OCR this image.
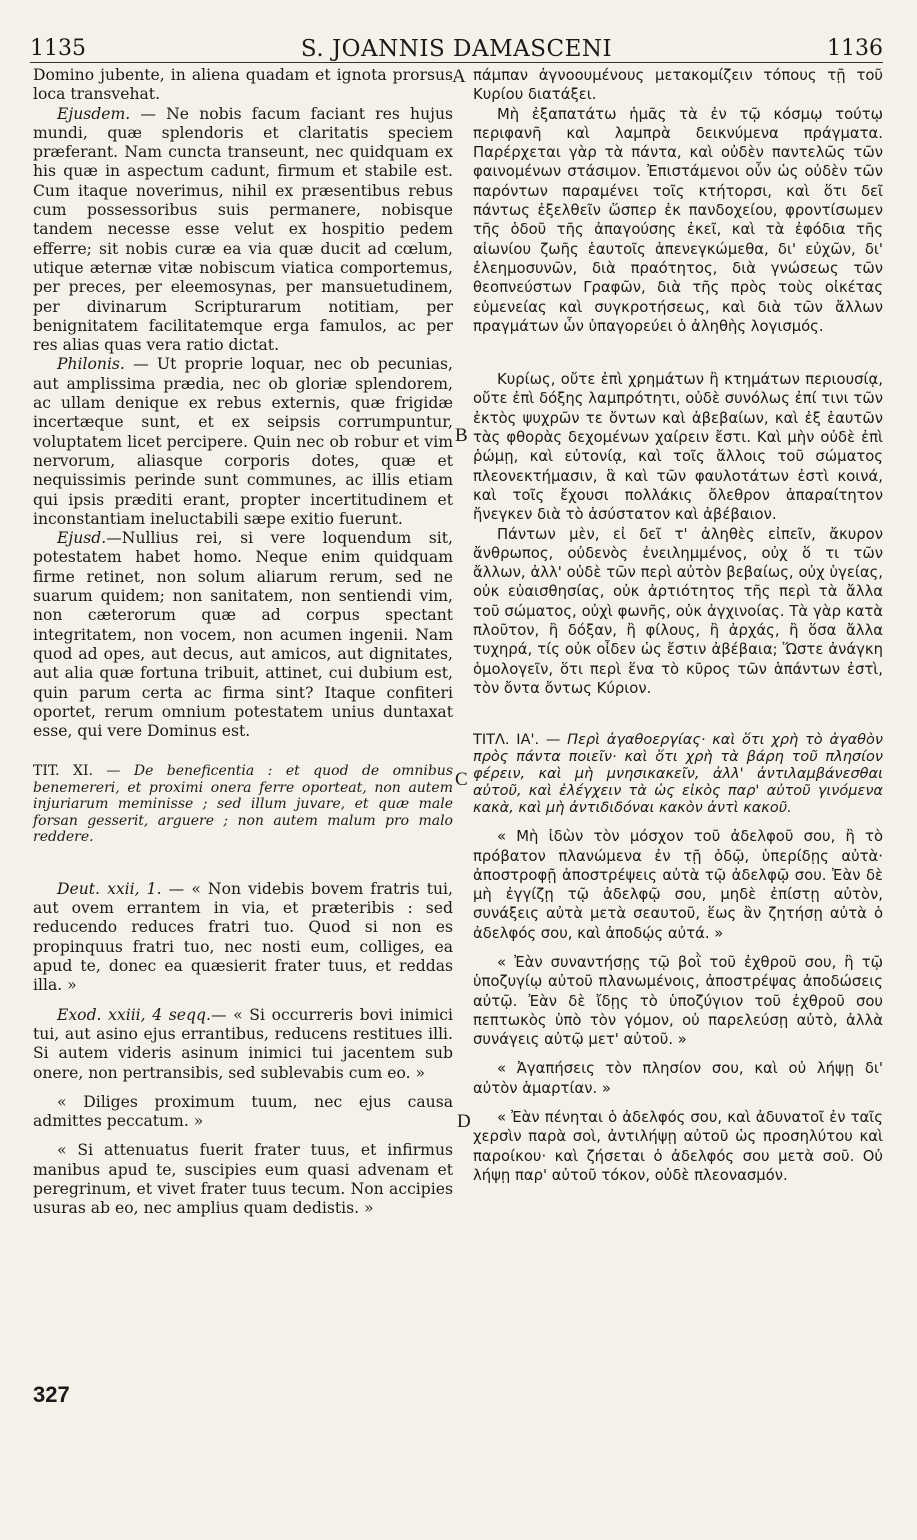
1135	S. JOANNIS DAMASCENI	1136

Domino jubente, in aliena quadam et ignota prorsus loca transvehat.

Ejusdem. — Ne nobis facum faciant res hujus mundi, quæ splendoris et claritatis speciem præferant. Nam cuncta transeunt, nec quidquam ex his quæ in aspectum cadunt, firmum et stabile est. Cum itaque noverimus, nihil ex præsentibus rebus cum possessoribus suis permanere, nobisque tandem necesse esse velut ex hospitio pedem efferre; sit nobis curæ ea via quæ ducit ad cœlum, utique æternæ vitæ nobiscum viatica comportemus, per preces, per eleemosynas, per mansuetudinem, per divinarum Scripturarum notitiam, per benignitatem facilitatemque erga famulos, ac per res alias quas vera ratio dictat.

Philonis. — Ut proprie loquar, nec ob pecunias, aut amplissima prædia, nec ob gloriæ splendorem, ac ullam denique ex rebus externis, quæ frigidæ incertæque sunt, et ex seipsis corrumpuntur, voluptatem licet percipere. Quin nec ob robur et vim nervorum, aliasque corporis dotes, quæ et nequissimis perinde sunt communes, ac illis etiam qui ipsis præditi erant, propter incertitudinem et inconstantiam ineluctabili sæpe exitio fuerunt.

Ejusd.—Nullius rei, si vere loquendum sit, potestatem habet homo. Neque enim quidquam firme retinet, non solum aliarum rerum, sed ne suarum quidem; non sanitatem, non sentiendi vim, non cæterorum quæ ad corpus spectant integritatem, non vocem, non acumen ingenii. Nam quod ad opes, aut decus, aut amicos, aut dignitates, aut alia quæ fortuna tribuit, attinet, cui dubium est, quin parum certa ac firma sint? Itaque confiteri oportet, rerum omnium potestatem unius duntaxat esse, qui vere Dominus est.

TIT. XI. — De beneficentia : et quod de omnibus benemereri, et proximi onera ferre oporteat, non autem injuriarum meminisse ; sed illum juvare, et quæ male forsan gesserit, arguere ; non autem malum pro malo reddere.

Deut. xxii, 1. — « Non videbis bovem fratris tui, aut ovem errantem in via, et præteribis : sed reducendo reduces fratri tuo. Quod si non es propinquus fratri tuo, nec nosti eum, colliges, ea apud te, donec ea quæsierit frater tuus, et reddas illa. »

Exod. xxiii, 4 seqq.— « Si occurreris bovi inimici tui, aut asino ejus errantibus, reducens restitues illi. Si autem videris asinum inimici tui jacentem sub onere, non pertransibis, sed sublevabis cum eo. »

« Diliges proximum tuum, nec ejus causa admittes peccatum. »

« Si attenuatus fuerit frater tuus, et infirmus manibus apud te, suscipies eum quasi advenam et peregrinum, et vivet frater tuus tecum. Non accipies usuras ab eo, nec amplius quam dedistis. »

πάμπαν ἀγνοουμένους μετακομίζειν τόπους τῇ τοῦ Κυρίου διατάξει.

Μὴ ἐξαπατάτω ἡμᾶς τὰ ἐν τῷ κόσμῳ τούτῳ περιφανῆ καὶ λαμπρὰ δεικνύμενα πράγματα. Παρέρχεται γὰρ τὰ πάντα, καὶ οὐδὲν παντελῶς τῶν φαινομένων στάσιμον. Ἐπιστάμενοι οὖν ὡς οὐδὲν τῶν παρόντων παραμένει τοῖς κτήτορσι, καὶ ὅτι δεῖ πάντως ἐξελθεῖν ὥσπερ ἐκ πανδοχείου, φροντίσωμεν τῆς ὁδοῦ τῆς ἀπαγούσης ἐκεῖ, καὶ τὰ ἐφόδια τῆς αἰωνίου ζωῆς ἑαυτοῖς ἀπενεγκώμεθα, δι' εὐχῶν, δι' ἐλεημοσυνῶν, διὰ πραότητος, διὰ γνώσεως τῶν θεοπνεύστων Γραφῶν, διὰ τῆς πρὸς τοὺς οἰκέτας εὐμενείας καὶ συγκροτήσεως, καὶ διὰ τῶν ἄλλων πραγμάτων ὧν ὑπαγορεύει ὁ ἀληθὴς λογισμός.

Κυρίως, οὔτε ἐπὶ χρημάτων ἢ κτημάτων περιουσίᾳ, οὔτε ἐπὶ δόξης λαμπρότητι, οὐδὲ συνόλως ἐπί τινι τῶν ἐκτὸς ψυχρῶν τε ὄντων καὶ ἀβεβαίων, καὶ ἐξ ἑαυτῶν τὰς φθορὰς δεχομένων χαίρειν ἔστι. Καὶ μὴν οὐδὲ ἐπὶ ῥώμῃ, καὶ εὐτονίᾳ, καὶ τοῖς ἄλλοις τοῦ σώματος πλεονεκτήμασιν, ἃ καὶ τῶν φαυλοτάτων ἐστὶ κοινά, καὶ τοῖς ἔχουσι πολλάκις ὄλεθρον ἀπαραίτητον ἤνεγκεν διὰ τὸ ἀσύστατον καὶ ἀβέβαιον.

Πάντων μὲν, εἰ δεῖ τ' ἀληθὲς εἰπεῖν, ἄκυρον ἄνθρωπος, οὐδενὸς ἐνειλημμένος, οὐχ ὅ τι τῶν ἄλλων, ἀλλ' οὐδὲ τῶν περὶ αὐτὸν βεβαίως, οὐχ ὑγείας, οὐκ εὐαισθησίας, οὐκ ἀρτιότητος τῆς περὶ τὰ ἄλλα τοῦ σώματος, οὐχὶ φωνῆς, οὐκ ἀγχινοίας. Τὰ γὰρ κατὰ πλοῦτον, ἢ δόξαν, ἢ φίλους, ἢ ἀρχάς, ἢ ὅσα ἄλλα τυχηρά, τίς οὐκ οἶδεν ὡς ἔστιν ἀβέβαια; Ὥστε ἀνάγκη ὁμολογεῖν, ὅτι περὶ ἕνα τὸ κῦρος τῶν ἁπάντων ἐστὶ, τὸν ὄντα ὄντως Κύριον.

ΤΙΤΛ. ΙΑ'. — Περὶ ἀγαθοεργίας· καὶ ὅτι χρὴ τὸ ἀγαθὸν πρὸς πάντα ποιεῖν· καὶ ὅτι χρὴ τὰ βάρη τοῦ πλησίον φέρειν, καὶ μὴ μνησικακεῖν, ἀλλ' ἀντιλαμβάνεσθαι αὐτοῦ, καὶ ἐλέγχειν τὰ ὡς εἰκὸς παρ' αὐτοῦ γινόμενα κακὰ, καὶ μὴ ἀντιδιδόναι κακὸν ἀντὶ κακοῦ.

« Μὴ ἰδὼν τὸν μόσχον τοῦ ἀδελφοῦ σου, ἢ τὸ πρόβατον πλανώμενα ἐν τῇ ὁδῷ, ὑπερίδῃς αὐτὰ· ἀποστροφῇ ἀποστρέψεις αὐτὰ τῷ ἀδελφῷ σου. Ἐὰν δὲ μὴ ἐγγίζῃ τῷ ἀδελφῷ σου, μηδὲ ἐπίστῃ αὐτὸν, συνάξεις αὐτὰ μετὰ σεαυτοῦ, ἕως ἂν ζητήσῃ αὐτὰ ὁ ἀδελφός σου, καὶ ἀποδῴς αὐτά. »

« Ἐὰν συναντήσῃς τῷ βοῒ τοῦ ἐχθροῦ σου, ἢ τῷ ὑποζυγίῳ αὐτοῦ πλανωμένοις, ἀποστρέψας ἀποδώσεις αὐτῷ. Ἐὰν δὲ ἴδῃς τὸ ὑποζύγιον τοῦ ἐχθροῦ σου πεπτωκὸς ὑπὸ τὸν γόμον, οὐ παρελεύσῃ αὐτὸ, ἀλλὰ συνάγεις αὐτῷ μετ' αὐτοῦ. »

« Ἀγαπήσεις τὸν πλησίον σου, καὶ οὐ λήψῃ δι' αὐτὸν ἁμαρτίαν. »

« Ἐὰν πένηται ὁ ἀδελφός σου, καὶ ἀδυνατοῖ ἐν ταῖς χερσὶν παρὰ σοὶ, ἀντιλήψῃ αὐτοῦ ὡς προσηλύτου καὶ παροίκου· καὶ ζήσεται ὁ ἀδελφός σου μετὰ σοῦ. Οὐ λήψῃ παρ' αὐτοῦ τόκον, οὐδὲ πλεονασμόν.

A
B
C
D
327
